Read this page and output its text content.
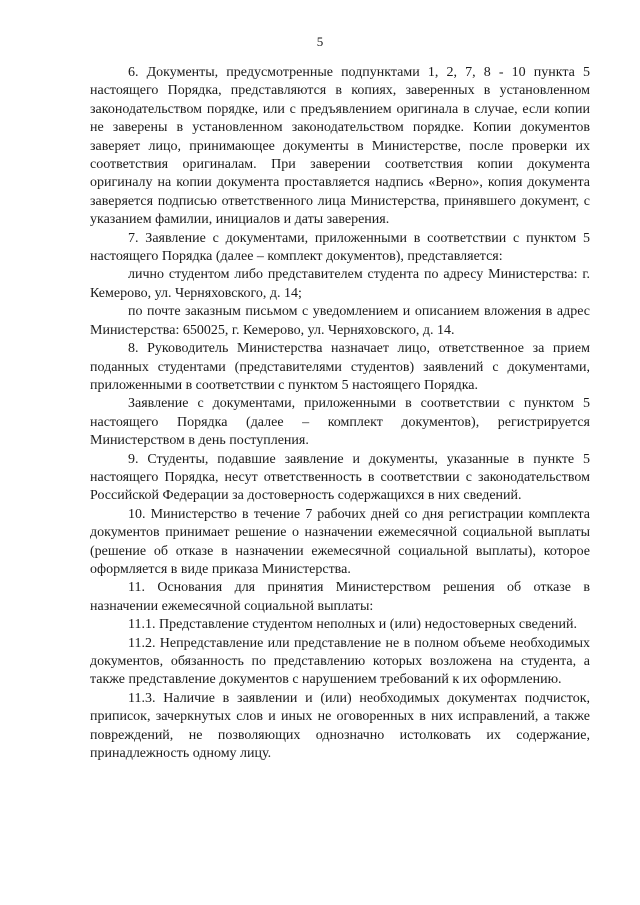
5

6. Документы, предусмотренные подпунктами 1, 2, 7, 8 - 10 пункта 5 настоящего Порядка, представляются в копиях, заверенных в установленном законодательством порядке, или с предъявлением оригинала в случае, если копии не заверены в установленном законодательством порядке. Копии документов заверяет лицо, принимающее документы в Министерстве, после проверки их соответствия оригиналам. При заверении соответствия копии документа оригиналу на копии документа проставляется надпись «Верно», копия документа заверяется подписью ответственного лица Министерства, принявшего документ, с указанием фамилии, инициалов и даты заверения.

7. Заявление с документами, приложенными в соответствии с пунктом 5 настоящего Порядка (далее – комплект документов), представляется:

лично студентом либо представителем студента по адресу Министерства: г. Кемерово, ул. Черняховского, д. 14;

по почте заказным письмом с уведомлением и описанием вложения в адрес Министерства: 650025, г. Кемерово, ул. Черняховского, д. 14.

8. Руководитель Министерства назначает лицо, ответственное за прием поданных студентами (представителями студентов) заявлений с документами, приложенными в соответствии с пунктом 5 настоящего Порядка.

Заявление с документами, приложенными в соответствии с пунктом 5 настоящего Порядка (далее – комплект документов), регистрируется Министерством в день поступления.

9. Студенты, подавшие заявление и документы, указанные в пункте 5 настоящего Порядка, несут ответственность в соответствии с законодательством Российской Федерации за достоверность содержащихся в них сведений.

10. Министерство в течение 7 рабочих дней со дня регистрации комплекта документов принимает решение о назначении ежемесячной социальной выплаты (решение об отказе в назначении ежемесячной социальной выплаты), которое оформляется в виде приказа Министерства.

11. Основания для принятия Министерством решения об отказе в назначении ежемесячной социальной выплаты:

11.1. Представление студентом неполных и (или) недостоверных сведений.

11.2. Непредставление или представление не в полном объеме необходимых документов, обязанность по представлению которых возложена на студента, а также представление документов с нарушением требований к их оформлению.

11.3. Наличие в заявлении и (или) необходимых документах подчисток, приписок, зачеркнутых слов и иных не оговоренных в них исправлений, а также повреждений, не позволяющих однозначно истолковать их содержание, принадлежность одному лицу.
